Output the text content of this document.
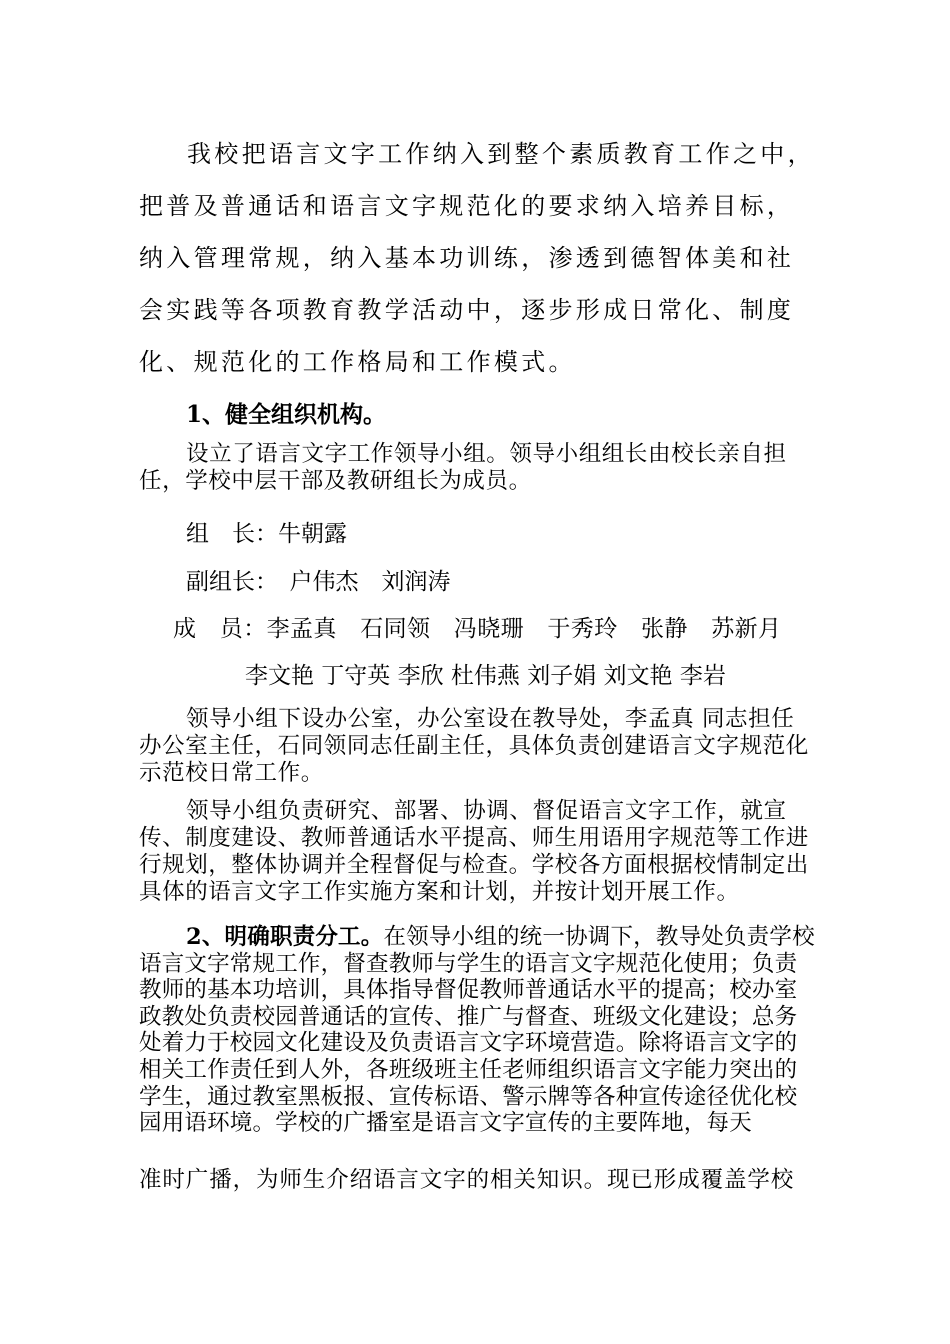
我校把语言文字工作纳入到整个素质教育工作之中，把普及普通话和语言文字规范化的要求纳入培养目标，纳入管理常规，纳入基本功训练，渗透到德智体美和社会实践等各项教育教学活动中，逐步形成日常化、制度化、规范化的工作格局和工作模式。

1、健全组织机构。

设立了语言文字工作领导小组。领导小组组长由校长亲自担任，学校中层干部及教研组长为成员。

组　长：牛朝露
副组长：　户伟杰　刘润涛
成　员：李孟真　石同领　冯晓珊　于秀玲　张静　苏新月
李文艳 丁守英 李欣 杜伟燕 刘子娟 刘文艳 李岩

领导小组下设办公室，办公室设在教导处，李孟真 同志担任办公室主任，石同领同志任副主任，具体负责创建语言文字规范化示范校日常工作。

领导小组负责研究、部署、协调、督促语言文字工作，就宣传、制度建设、教师普通话水平提高、师生用语用字规范等工作进行规划，整体协调并全程督促与检查。学校各方面根据校情制定出具体的语言文字工作实施方案和计划，并按计划开展工作。

2、明确职责分工。在领导小组的统一协调下，教导处负责学校语言文字常规工作，督查教师与学生的语言文字规范化使用；负责教师的基本功培训，具体指导督促教师普通话水平的提高；校办室政教处负责校园普通话的宣传、推广与督查、班级文化建设；总务处着力于校园文化建设及负责语言文字环境营造。除将语言文字的相关工作责任到人外，各班级班主任老师组织语言文字能力突出的学生，通过教室黑板报、宣传标语、警示牌等各种宣传途径优化校园用语环境。学校的广播室是语言文字宣传的主要阵地，每天

准时广播，为师生介绍语言文字的相关知识。现已形成覆盖学校
